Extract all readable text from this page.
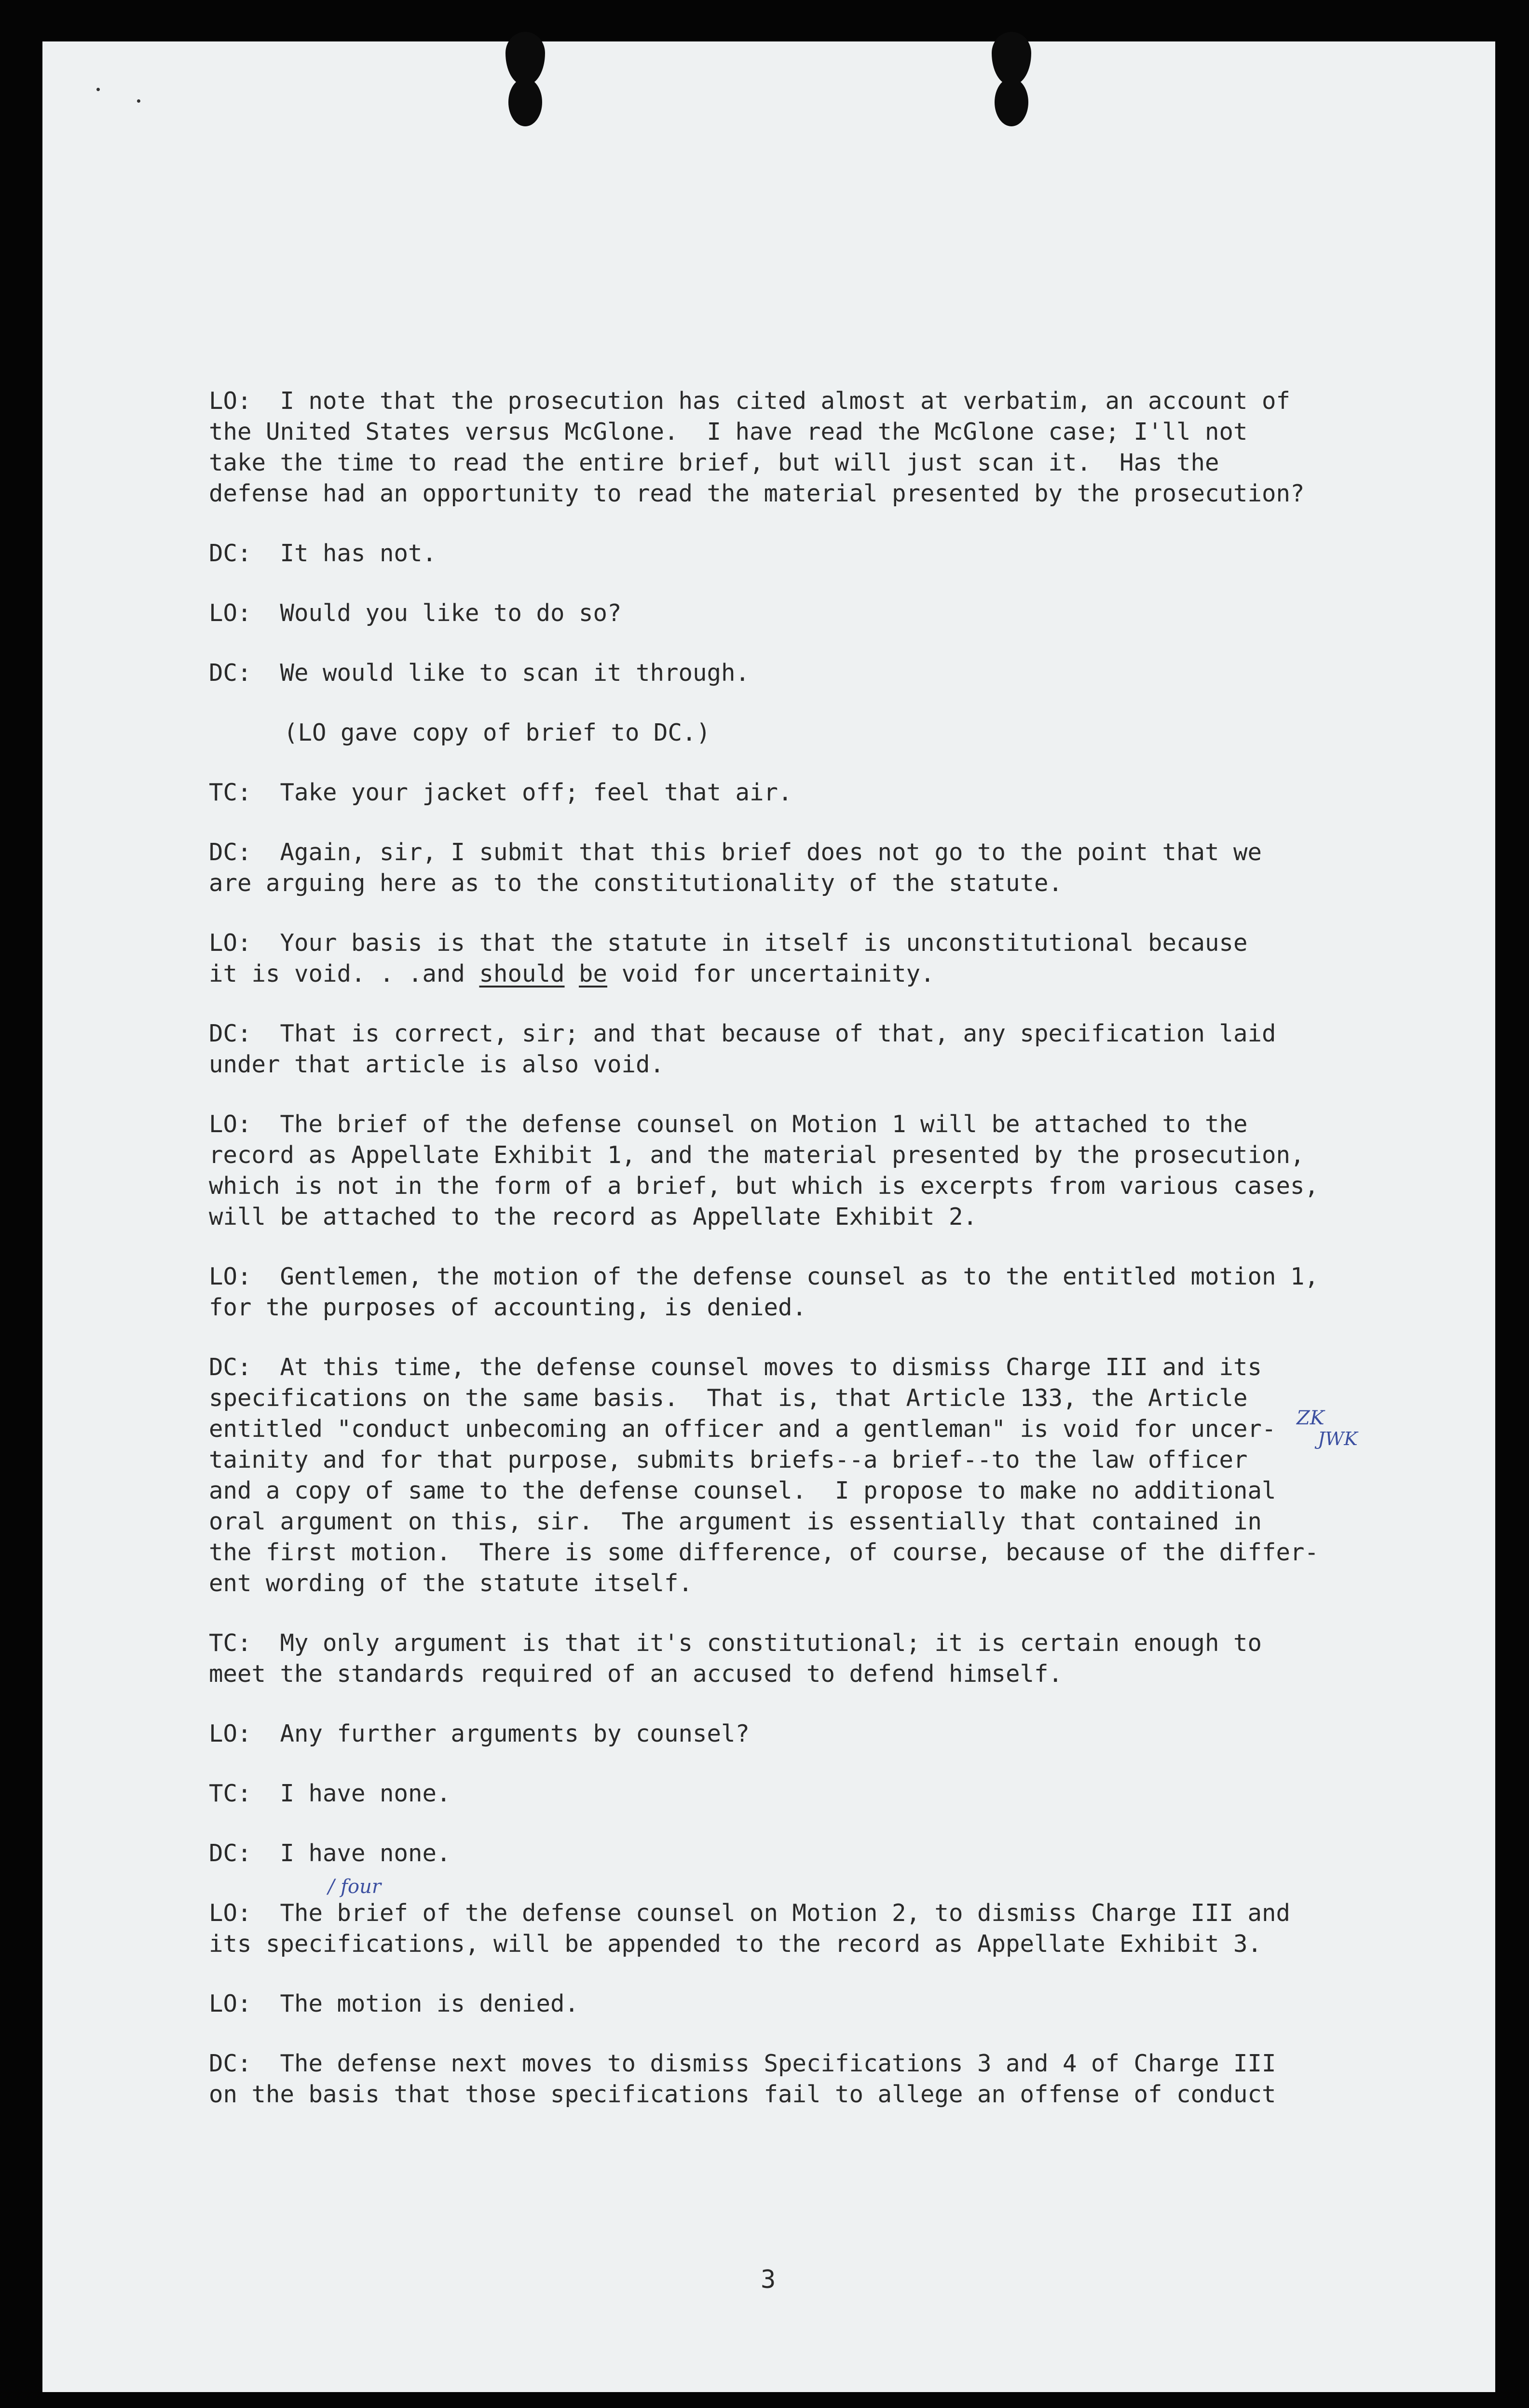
LO:  I note that the prosecution has cited almost at verbatim, an account of
the United States versus McGlone.  I have read the McGlone case; I'll not
take the time to read the entire brief, but will just scan it.  Has the
defense had an opportunity to read the material presented by the prosecution?

DC:  It has not.

LO:  Would you like to do so?

DC:  We would like to scan it through.

(LO gave copy of brief to DC.)

TC:  Take your jacket off; feel that air.

DC:  Again, sir, I submit that this brief does not go to the point that we
are arguing here as to the constitutionality of the statute.

LO:  Your basis is that the statute in itself is unconstitutional because
it is void. . .and should be void for uncertainity.

DC:  That is correct, sir; and that because of that, any specification laid
under that article is also void.

LO:  The brief of the defense counsel on Motion 1 will be attached to the
record as Appellate Exhibit 1, and the material presented by the prosecution,
which is not in the form of a brief, but which is excerpts from various cases,
will be attached to the record as Appellate Exhibit 2.

LO:  Gentlemen, the motion of the defense counsel as to the entitled motion 1,
for the purposes of accounting, is denied.

DC:  At this time, the defense counsel moves to dismiss Charge III and its
specifications on the same basis.  That is, that Article 133, the Article
entitled "conduct unbecoming an officer and a gentleman" is void for uncer-
tainity and for that purpose, submits briefs--a brief--to the law officer
and a copy of same to the defense counsel.  I propose to make no additional
oral argument on this, sir.  The argument is essentially that contained in
the first motion.  There is some difference, of course, because of the differ-
ent wording of the statute itself.

TC:  My only argument is that it's constitutional; it is certain enough to
meet the standards required of an accused to defend himself.

LO:  Any further arguments by counsel?

TC:  I have none.

DC:  I have none.

LO:  The brief of the defense counsel on Motion 2, to dismiss Charge III and
its specifications, will be appended to the record as Appellate Exhibit 3.

LO:  The motion is denied.

DC:  The defense next moves to dismiss Specifications 3 and 4 of Charge III
on the basis that those specifications fail to allege an offense of conduct

ZK
JWK
/ four
3
